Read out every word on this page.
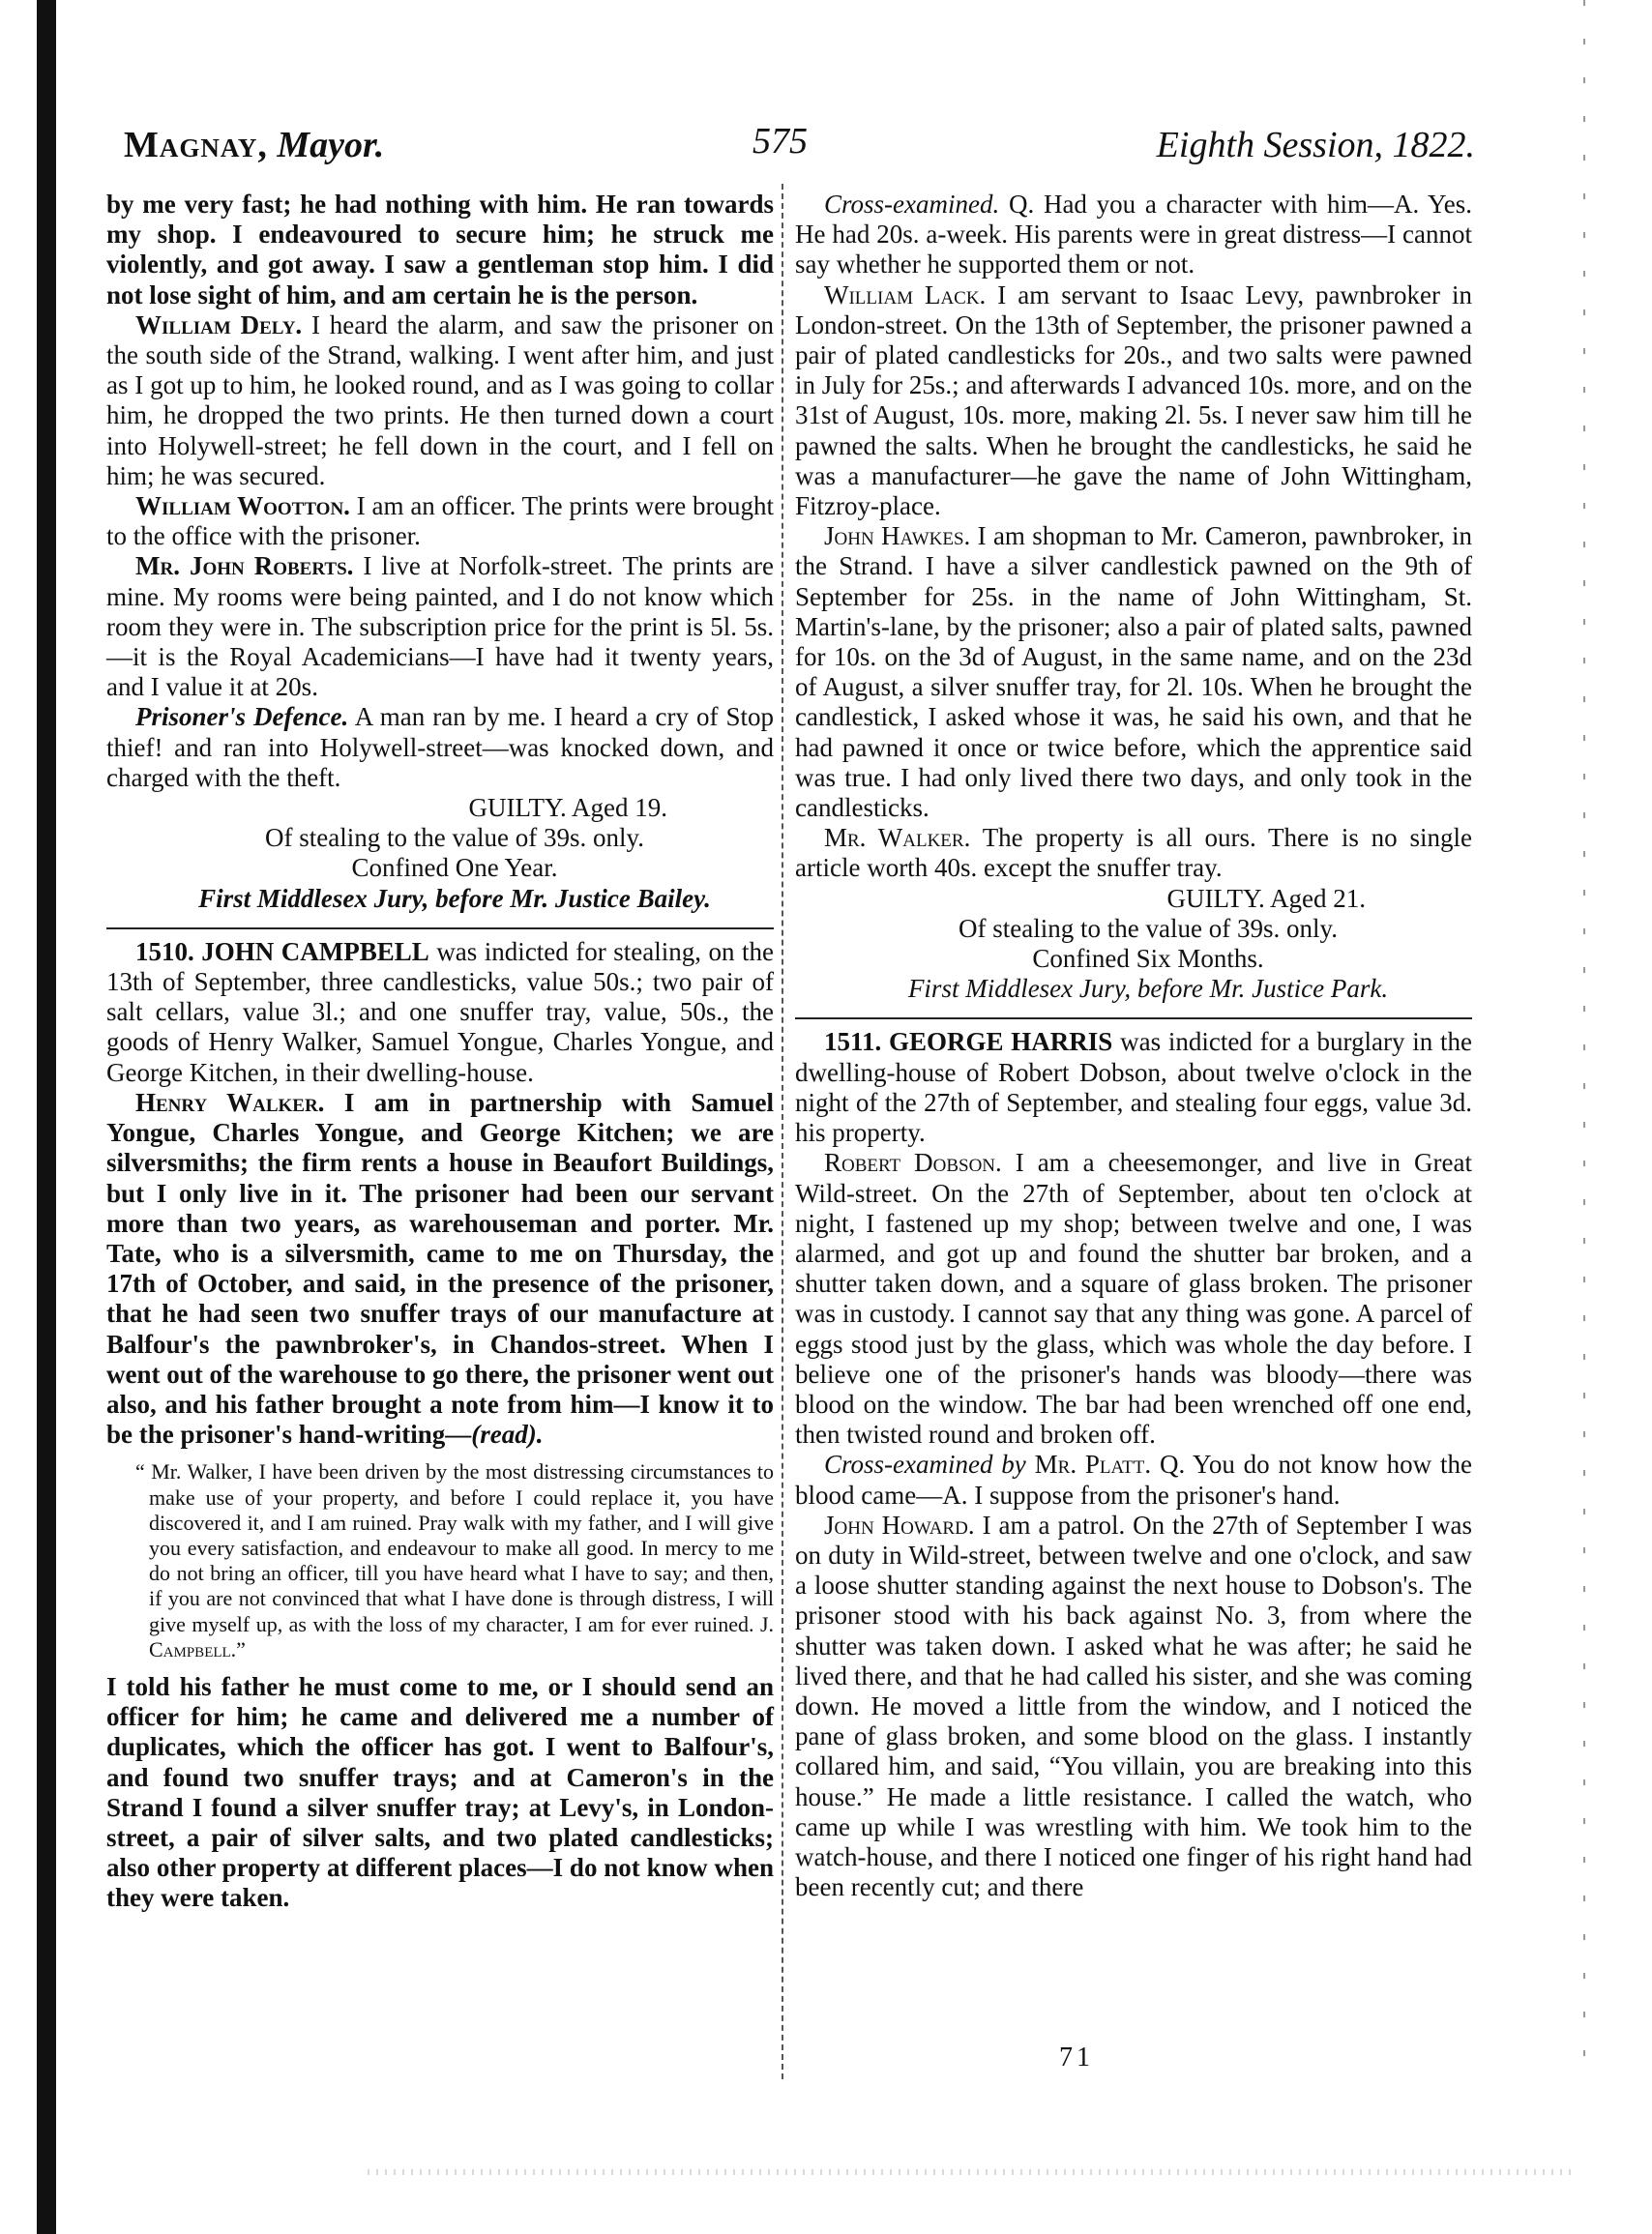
Magnay, Mayor.	575	Eighth Session, 1822.

by me very fast; he had nothing with him. He ran towards my shop. I endeavoured to secure him; he struck me violently, and got away. I saw a gentleman stop him. I did not lose sight of him, and am certain he is the person.

William Dely. I heard the alarm, and saw the prisoner on the south side of the Strand, walking. I went after him, and just as I got up to him, he looked round, and as I was going to collar him, he dropped the two prints. He then turned down a court into Holywell-street; he fell down in the court, and I fell on him; he was secured.

William Wootton. I am an officer. The prints were brought to the office with the prisoner.

Mr. John Roberts. I live at Norfolk-street. The prints are mine. My rooms were being painted, and I do not know which room they were in. The subscription price for the print is 5l. 5s.—it is the Royal Academicians—I have had it twenty years, and I value it at 20s.

Prisoner's Defence. A man ran by me. I heard a cry of Stop thief! and ran into Holywell-street—was knocked down, and charged with the theft.

GUILTY. Aged 19.

Of stealing to the value of 39s. only.

Confined One Year.

First Middlesex Jury, before Mr. Justice Bailey.

1510. JOHN CAMPBELL was indicted for stealing, on the 13th of September, three candlesticks, value 50s.; two pair of salt cellars, value 3l.; and one snuffer tray, value, 50s., the goods of Henry Walker, Samuel Yongue, Charles Yongue, and George Kitchen, in their dwelling-house.

Henry Walker. I am in partnership with Samuel Yongue, Charles Yongue, and George Kitchen; we are silversmiths; the firm rents a house in Beaufort Buildings, but I only live in it. The prisoner had been our servant more than two years, as warehouseman and porter. Mr. Tate, who is a silversmith, came to me on Thursday, the 17th of October, and said, in the presence of the prisoner, that he had seen two snuffer trays of our manufacture at Balfour's the pawnbroker's, in Chandos-street. When I went out of the warehouse to go there, the prisoner went out also, and his father brought a note from him—I know it to be the prisoner's hand-writing—(read).

“ Mr. Walker, I have been driven by the most distressing circumstances to make use of your property, and before I could replace it, you have discovered it, and I am ruined. Pray walk with my father, and I will give you every satisfaction, and endeavour to make all good. In mercy to me do not bring an officer, till you have heard what I have to say; and then, if you are not convinced that what I have done is through distress, I will give myself up, as with the loss of my character, I am for ever ruined. J. Campbell.”

I told his father he must come to me, or I should send an officer for him; he came and delivered me a number of duplicates, which the officer has got. I went to Balfour's, and found two snuffer trays; and at Cameron's in the Strand I found a silver snuffer tray; at Levy's, in London-street, a pair of silver salts, and two plated candlesticks; also other property at different places—I do not know when they were taken.

Cross-examined. Q. Had you a character with him—A. Yes. He had 20s. a-week. His parents were in great distress—I cannot say whether he supported them or not.

William Lack. I am servant to Isaac Levy, pawnbroker in London-street. On the 13th of September, the prisoner pawned a pair of plated candlesticks for 20s., and two salts were pawned in July for 25s.; and afterwards I advanced 10s. more, and on the 31st of August, 10s. more, making 2l. 5s. I never saw him till he pawned the salts. When he brought the candlesticks, he said he was a manufacturer—he gave the name of John Wittingham, Fitzroy-place.

John Hawkes. I am shopman to Mr. Cameron, pawnbroker, in the Strand. I have a silver candlestick pawned on the 9th of September for 25s. in the name of John Wittingham, St. Martin's-lane, by the prisoner; also a pair of plated salts, pawned for 10s. on the 3d of August, in the same name, and on the 23d of August, a silver snuffer tray, for 2l. 10s. When he brought the candlestick, I asked whose it was, he said his own, and that he had pawned it once or twice before, which the apprentice said was true. I had only lived there two days, and only took in the candlesticks.

Mr. Walker. The property is all ours. There is no single article worth 40s. except the snuffer tray.

GUILTY. Aged 21.

Of stealing to the value of 39s. only.

Confined Six Months.

First Middlesex Jury, before Mr. Justice Park.

1511. GEORGE HARRIS was indicted for a burglary in the dwelling-house of Robert Dobson, about twelve o'clock in the night of the 27th of September, and stealing four eggs, value 3d. his property.

Robert Dobson. I am a cheesemonger, and live in Great Wild-street. On the 27th of September, about ten o'clock at night, I fastened up my shop; between twelve and one, I was alarmed, and got up and found the shutter bar broken, and a shutter taken down, and a square of glass broken. The prisoner was in custody. I cannot say that any thing was gone. A parcel of eggs stood just by the glass, which was whole the day before. I believe one of the prisoner's hands was bloody—there was blood on the window. The bar had been wrenched off one end, then twisted round and broken off.

Cross-examined by Mr. Platt. Q. You do not know how the blood came—A. I suppose from the prisoner's hand.

John Howard. I am a patrol. On the 27th of September I was on duty in Wild-street, between twelve and one o'clock, and saw a loose shutter standing against the next house to Dobson's. The prisoner stood with his back against No. 3, from where the shutter was taken down. I asked what he was after; he said he lived there, and that he had called his sister, and she was coming down. He moved a little from the window, and I noticed the pane of glass broken, and some blood on the glass. I instantly collared him, and said, “You villain, you are breaking into this house.” He made a little resistance. I called the watch, who came up while I was wrestling with him. We took him to the watch-house, and there I noticed one finger of his right hand had been recently cut; and there

71
